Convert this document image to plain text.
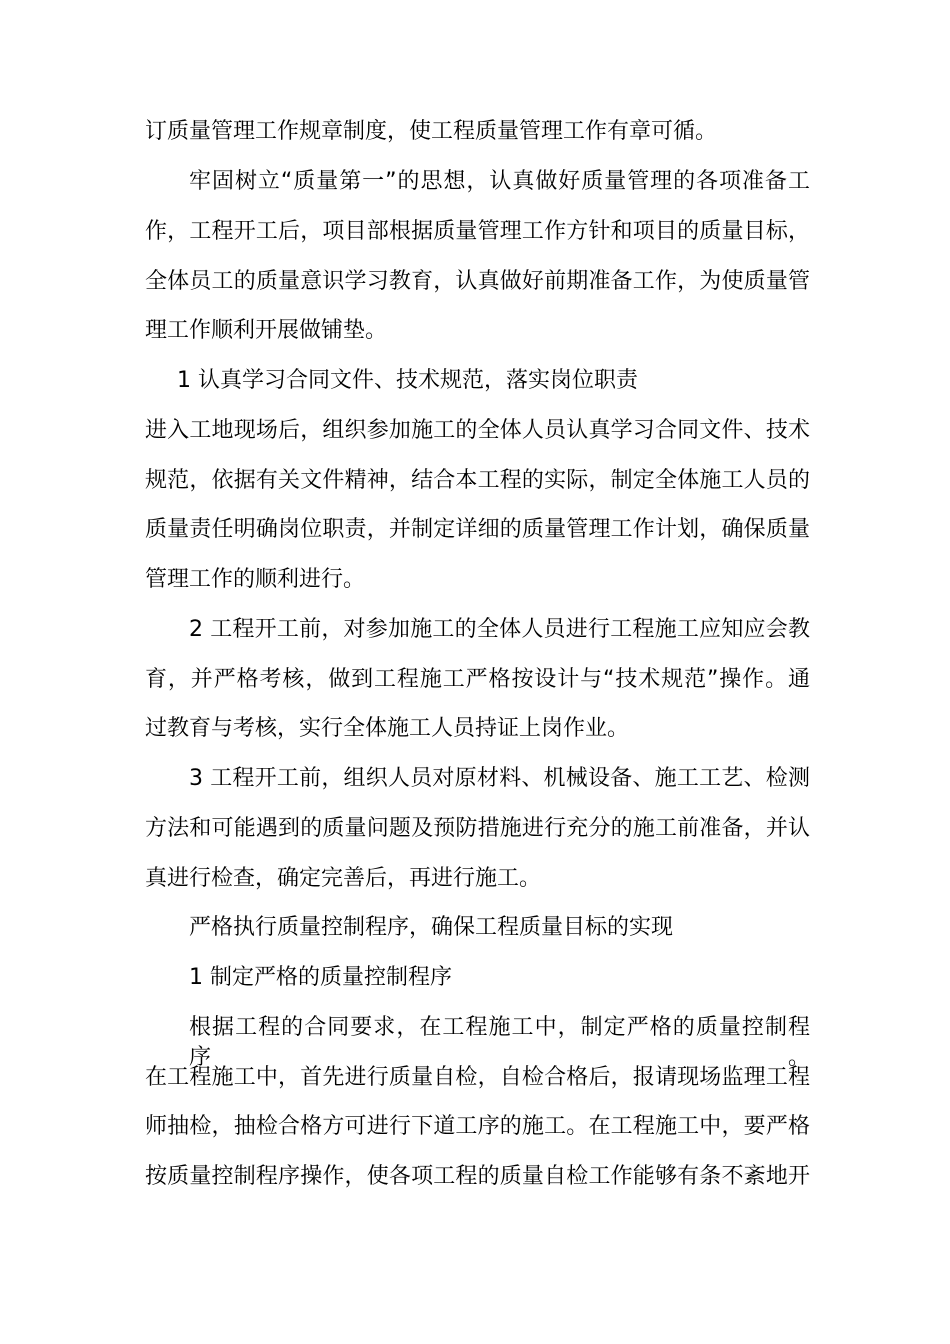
订质量管理工作规章制度，使工程质量管理工作有章可循。
牢固树立“质量第一”的思想，认真做好质量管理的各项准备工
作，工程开工后，项目部根据质量管理工作方针和项目的质量目标，
全体员工的质量意识学习教育，认真做好前期准备工作，为使质量管
理工作顺利开展做铺垫。
1 认真学习合同文件、技术规范，落实岗位职责
进入工地现场后，组织参加施工的全体人员认真学习合同文件、技术
规范，依据有关文件精神，结合本工程的实际，制定全体施工人员的
质量责任明确岗位职责，并制定详细的质量管理工作计划，确保质量
管理工作的顺利进行。
2 工程开工前，对参加施工的全体人员进行工程施工应知应会教
育，并严格考核，做到工程施工严格按设计与“技术规范”操作。通
过教育与考核，实行全体施工人员持证上岗作业。
3 工程开工前，组织人员对原材料、机械设备、施工工艺、检测
方法和可能遇到的质量问题及预防措施进行充分的施工前准备，并认
真进行检查，确定完善后，再进行施工。
严格执行质量控制程序，确保工程质量目标的实现
1 制定严格的质量控制程序
根据工程的合同要求，在工程施工中，制定严格的质量控制程序。
在工程施工中，首先进行质量自检，自检合格后，报请现场监理工程
师抽检，抽检合格方可进行下道工序的施工。在工程施工中，要严格
按质量控制程序操作，使各项工程的质量自检工作能够有条不紊地开
